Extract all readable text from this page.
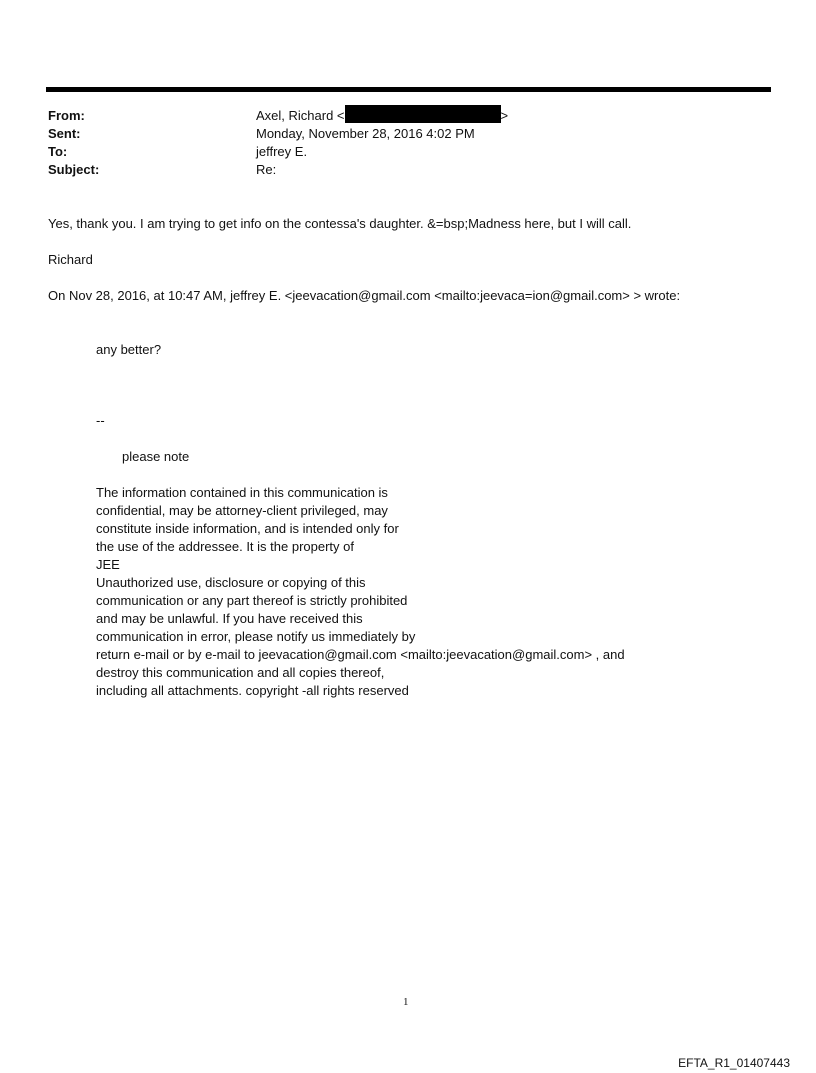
From:	Axel, Richard <	>
Sent:	Monday, November 28, 2016 4:02 PM
To:	jeffrey E.
Subject:	Re:
Yes, thank you. I am trying to get info on the contessa's daughter. &=bsp;Madness here, but I will call.
Richard
On Nov 28, 2016, at 10:47 AM, jeffrey E. <jeevacation@gmail.com <mailto:jeevaca=ion@gmail.com> > wrote:
any better?
--
please note
The information contained in this communication is
confidential, may be attorney-client privileged, may
constitute inside information, and is intended only for
the use of the addressee. It is the property of
JEE
Unauthorized use, disclosure or copying of this
communication or any part thereof is strictly prohibited
and may be unlawful. If you have received this
communication in error, please notify us immediately by
return e-mail or by e-mail to jeevacation@gmail.com <mailto:jeevacation@gmail.com> , and
destroy this communication and all copies thereof,
including all attachments. copyright -all rights reserved
1
EFTA_R1_01407443
